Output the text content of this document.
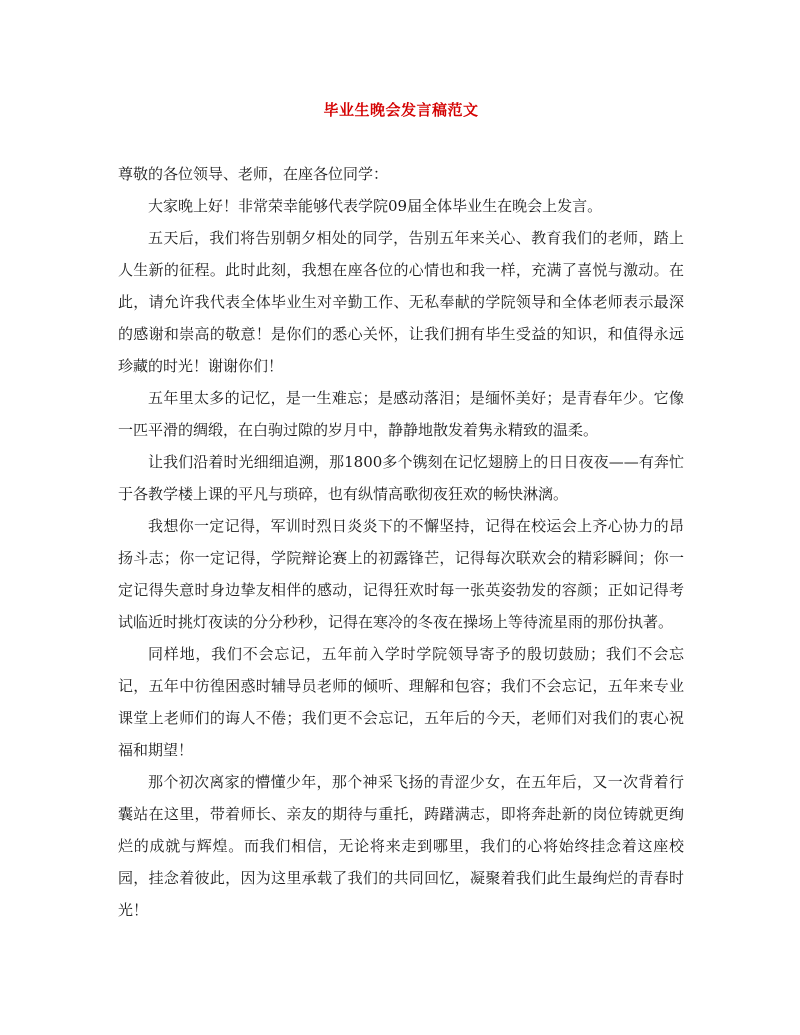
毕业生晚会发言稿范文

尊敬的各位领导、老师，在座各位同学：

大家晚上好！非常荣幸能够代表学院09届全体毕业生在晚会上发言。

五天后，我们将告别朝夕相处的同学，告别五年来关心、教育我们的老师，踏上人生新的征程。此时此刻，我想在座各位的心情也和我一样，充满了喜悦与激动。在此，请允许我代表全体毕业生对辛勤工作、无私奉献的学院领导和全体老师表示最深的感谢和崇高的敬意！是你们的悉心关怀，让我们拥有毕生受益的知识，和值得永远珍藏的时光！谢谢你们！

五年里太多的记忆，是一生难忘；是感动落泪；是缅怀美好；是青春年少。它像一匹平滑的绸缎，在白驹过隙的岁月中，静静地散发着隽永精致的温柔。

让我们沿着时光细细追溯，那1800多个镌刻在记忆翅膀上的日日夜夜——有奔忙于各教学楼上课的平凡与琐碎，也有纵情高歌彻夜狂欢的畅快淋漓。

我想你一定记得，军训时烈日炎炎下的不懈坚持，记得在校运会上齐心协力的昂扬斗志；你一定记得，学院辩论赛上的初露锋芒，记得每次联欢会的精彩瞬间；你一定记得失意时身边挚友相伴的感动，记得狂欢时每一张英姿勃发的容颜；正如记得考试临近时挑灯夜读的分分秒秒，记得在寒冷的冬夜在操场上等待流星雨的那份执著。

同样地，我们不会忘记，五年前入学时学院领导寄予的殷切鼓励；我们不会忘记，五年中彷徨困惑时辅导员老师的倾听、理解和包容；我们不会忘记，五年来专业课堂上老师们的诲人不倦；我们更不会忘记，五年后的今天，老师们对我们的衷心祝福和期望！

那个初次离家的懵懂少年，那个神采飞扬的青涩少女，在五年后，又一次背着行囊站在这里，带着师长、亲友的期待与重托，踌躇满志，即将奔赴新的岗位铸就更绚烂的成就与辉煌。而我们相信，无论将来走到哪里，我们的心将始终挂念着这座校园，挂念着彼此，因为这里承载了我们的共同回忆，凝聚着我们此生最绚烂的青春时光！
